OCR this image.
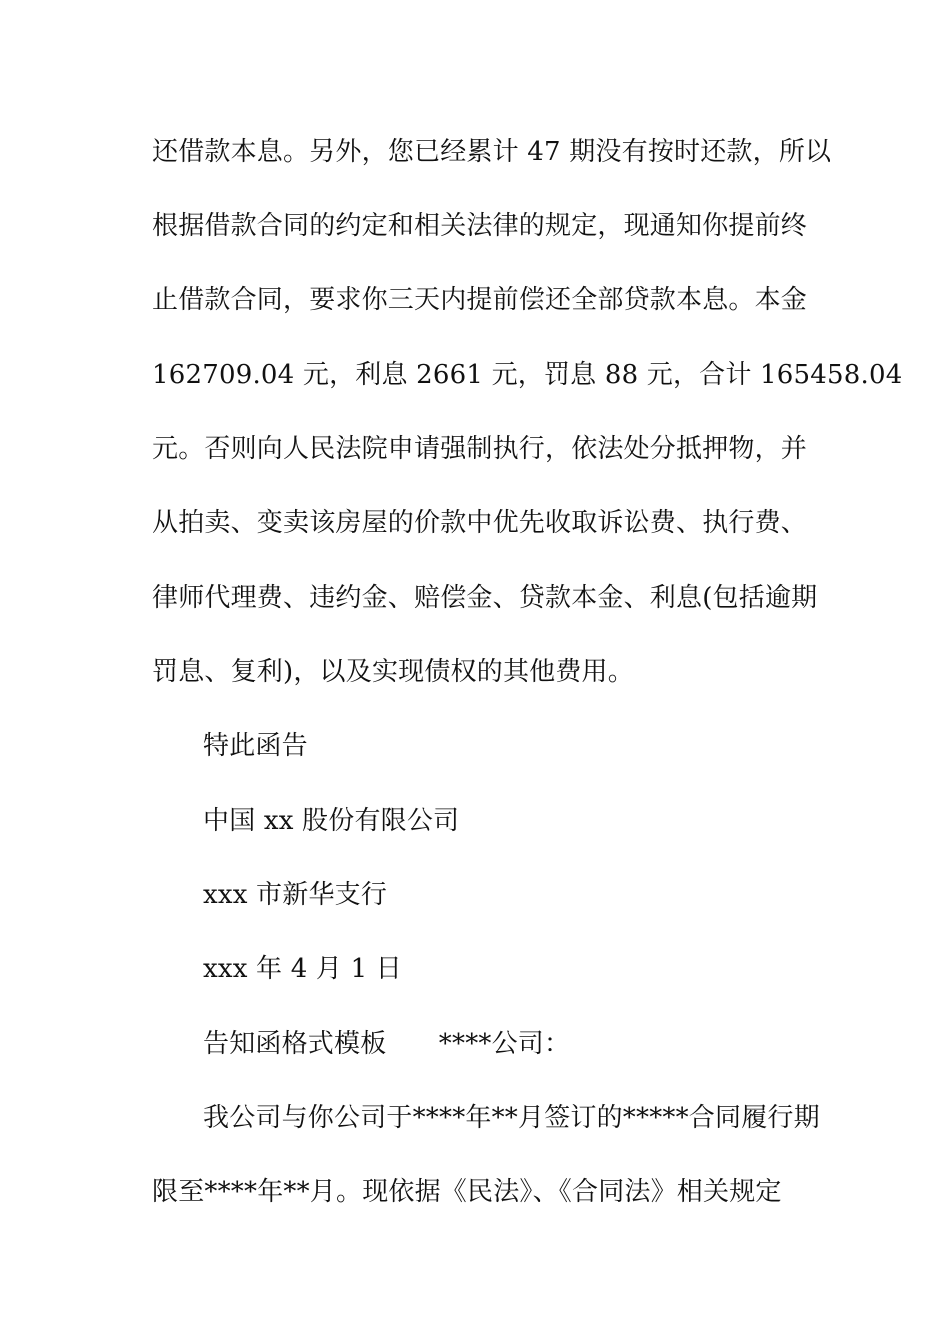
还借款本息。另外，您已经累计 47 期没有按时还款，所以
根据借款合同的约定和相关法律的规定，现通知你提前终
止借款合同，要求你三天内提前偿还全部贷款本息。本金
162709.04 元，利息 2661 元，罚息 88 元，合计 165458.04
元。否则向人民法院申请强制执行，依法处分抵押物，并
从拍卖、变卖该房屋的价款中优先收取诉讼费、执行费、
律师代理费、违约金、赔偿金、贷款本金、利息(包括逾期
罚息、复利)，以及实现债权的其他费用。
特此函告
中国 xx 股份有限公司
xxx 市新华支行
xxx 年 4 月 1 日
告知函格式模板　　****公司：
我公司与你公司于****年**月签订的*****合同履行期
限至****年**月。现依据《民法》、《合同法》相关规定
